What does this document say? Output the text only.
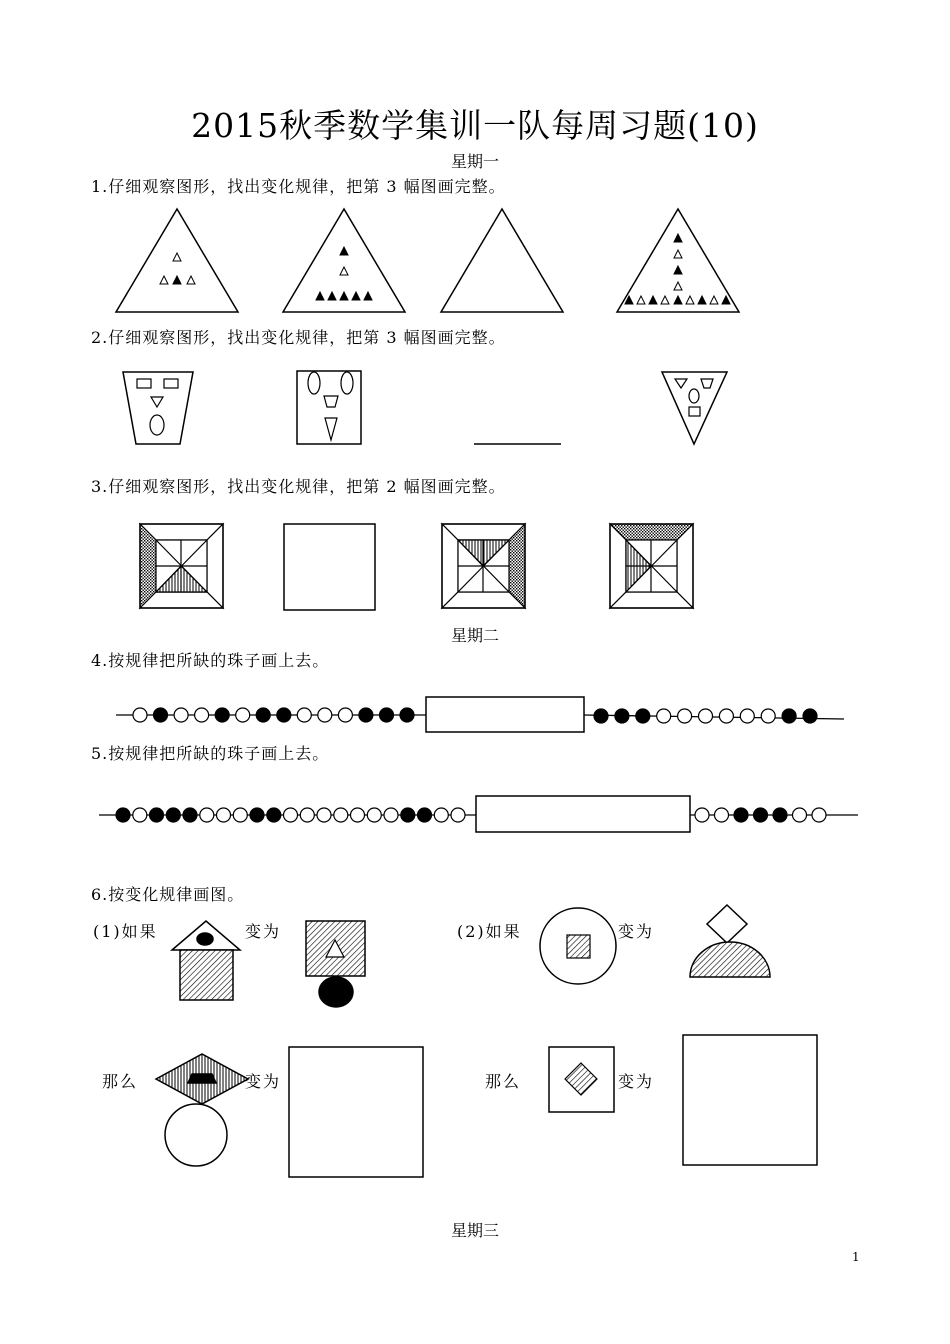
2015秋季数学集训一队每周习题(10)
星期一
1.仔细观察图形，找出变化规律，把第 3 幅图画完整。
2.仔细观察图形，找出变化规律，把第 3 幅图画完整。
3.仔细观察图形，找出变化规律，把第 2 幅图画完整。
星期二
4.按规律把所缺的珠子画上去。
5.按规律把所缺的珠子画上去。
6.按变化规律画图。
(1)如果	变为	(2)如果	变为
那么	变为	那么	变为
星期三
1
